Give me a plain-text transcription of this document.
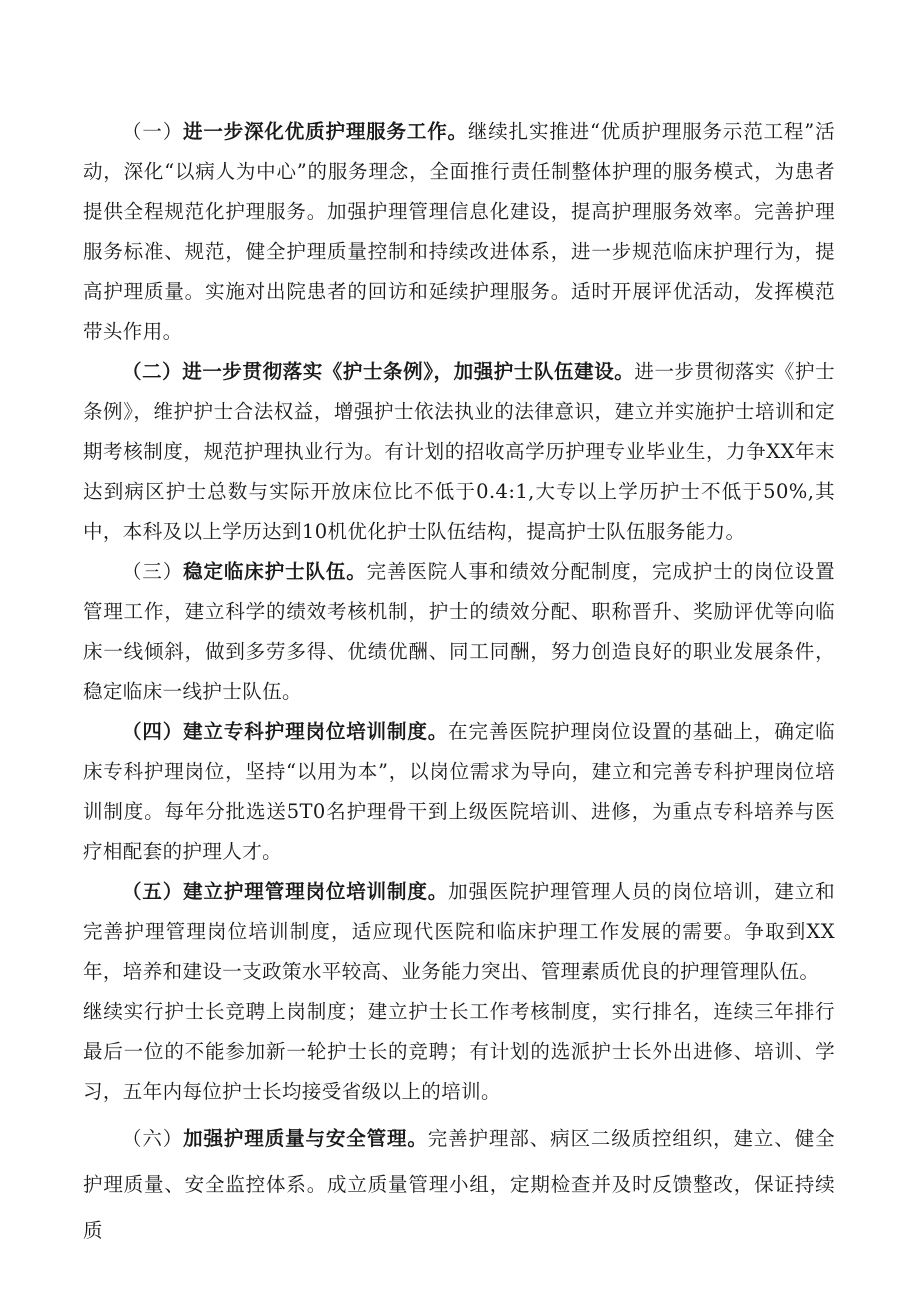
（一）进一步深化优质护理服务工作。继续扎实推进“优质护理服务示范工程”活动，深化“以病人为中心”的服务理念，全面推行责任制整体护理的服务模式，为患者提供全程规范化护理服务。加强护理管理信息化建设，提高护理服务效率。完善护理服务标准、规范，健全护理质量控制和持续改进体系，进一步规范临床护理行为，提高护理质量。实施对出院患者的回访和延续护理服务。适时开展评优活动，发挥模范带头作用。

（二）进一步贯彻落实《护士条例》，加强护士队伍建设。进一步贯彻落实《护士条例》，维护护士合法权益，增强护士依法执业的法律意识，建立并实施护士培训和定期考核制度，规范护理执业行为。有计划的招收高学历护理专业毕业生，力争XX年末达到病区护士总数与实际开放床位比不低于0.4:1,大专以上学历护士不低于50%,其中，本科及以上学历达到10机优化护士队伍结构，提高护士队伍服务能力。

（三）稳定临床护士队伍。完善医院人事和绩效分配制度，完成护士的岗位设置管理工作，建立科学的绩效考核机制，护士的绩效分配、职称晋升、奖励评优等向临床一线倾斜，做到多劳多得、优绩优酬、同工同酬，努力创造良好的职业发展条件，稳定临床一线护士队伍。

（四）建立专科护理岗位培训制度。在完善医院护理岗位设置的基础上，确定临床专科护理岗位，坚持“以用为本”，以岗位需求为导向，建立和完善专科护理岗位培训制度。每年分批选送5T0名护理骨干到上级医院培训、进修，为重点专科培养与医疗相配套的护理人才。

（五）建立护理管理岗位培训制度。加强医院护理管理人员的岗位培训，建立和完善护理管理岗位培训制度，适应现代医院和临床护理工作发展的需要。争取到XX年，培养和建设一支政策水平较高、业务能力突出、管理素质优良的护理管理队伍。

继续实行护士长竞聘上岗制度；建立护士长工作考核制度，实行排名，连续三年排行最后一位的不能参加新一轮护士长的竞聘；有计划的选派护士长外出进修、培训、学习，五年内每位护士长均接受省级以上的培训。

（六）加强护理质量与安全管理。完善护理部、病区二级质控组织，建立、健全护理质量、安全监控体系。成立质量管理小组，定期检查并及时反馈整改，保证持续质
